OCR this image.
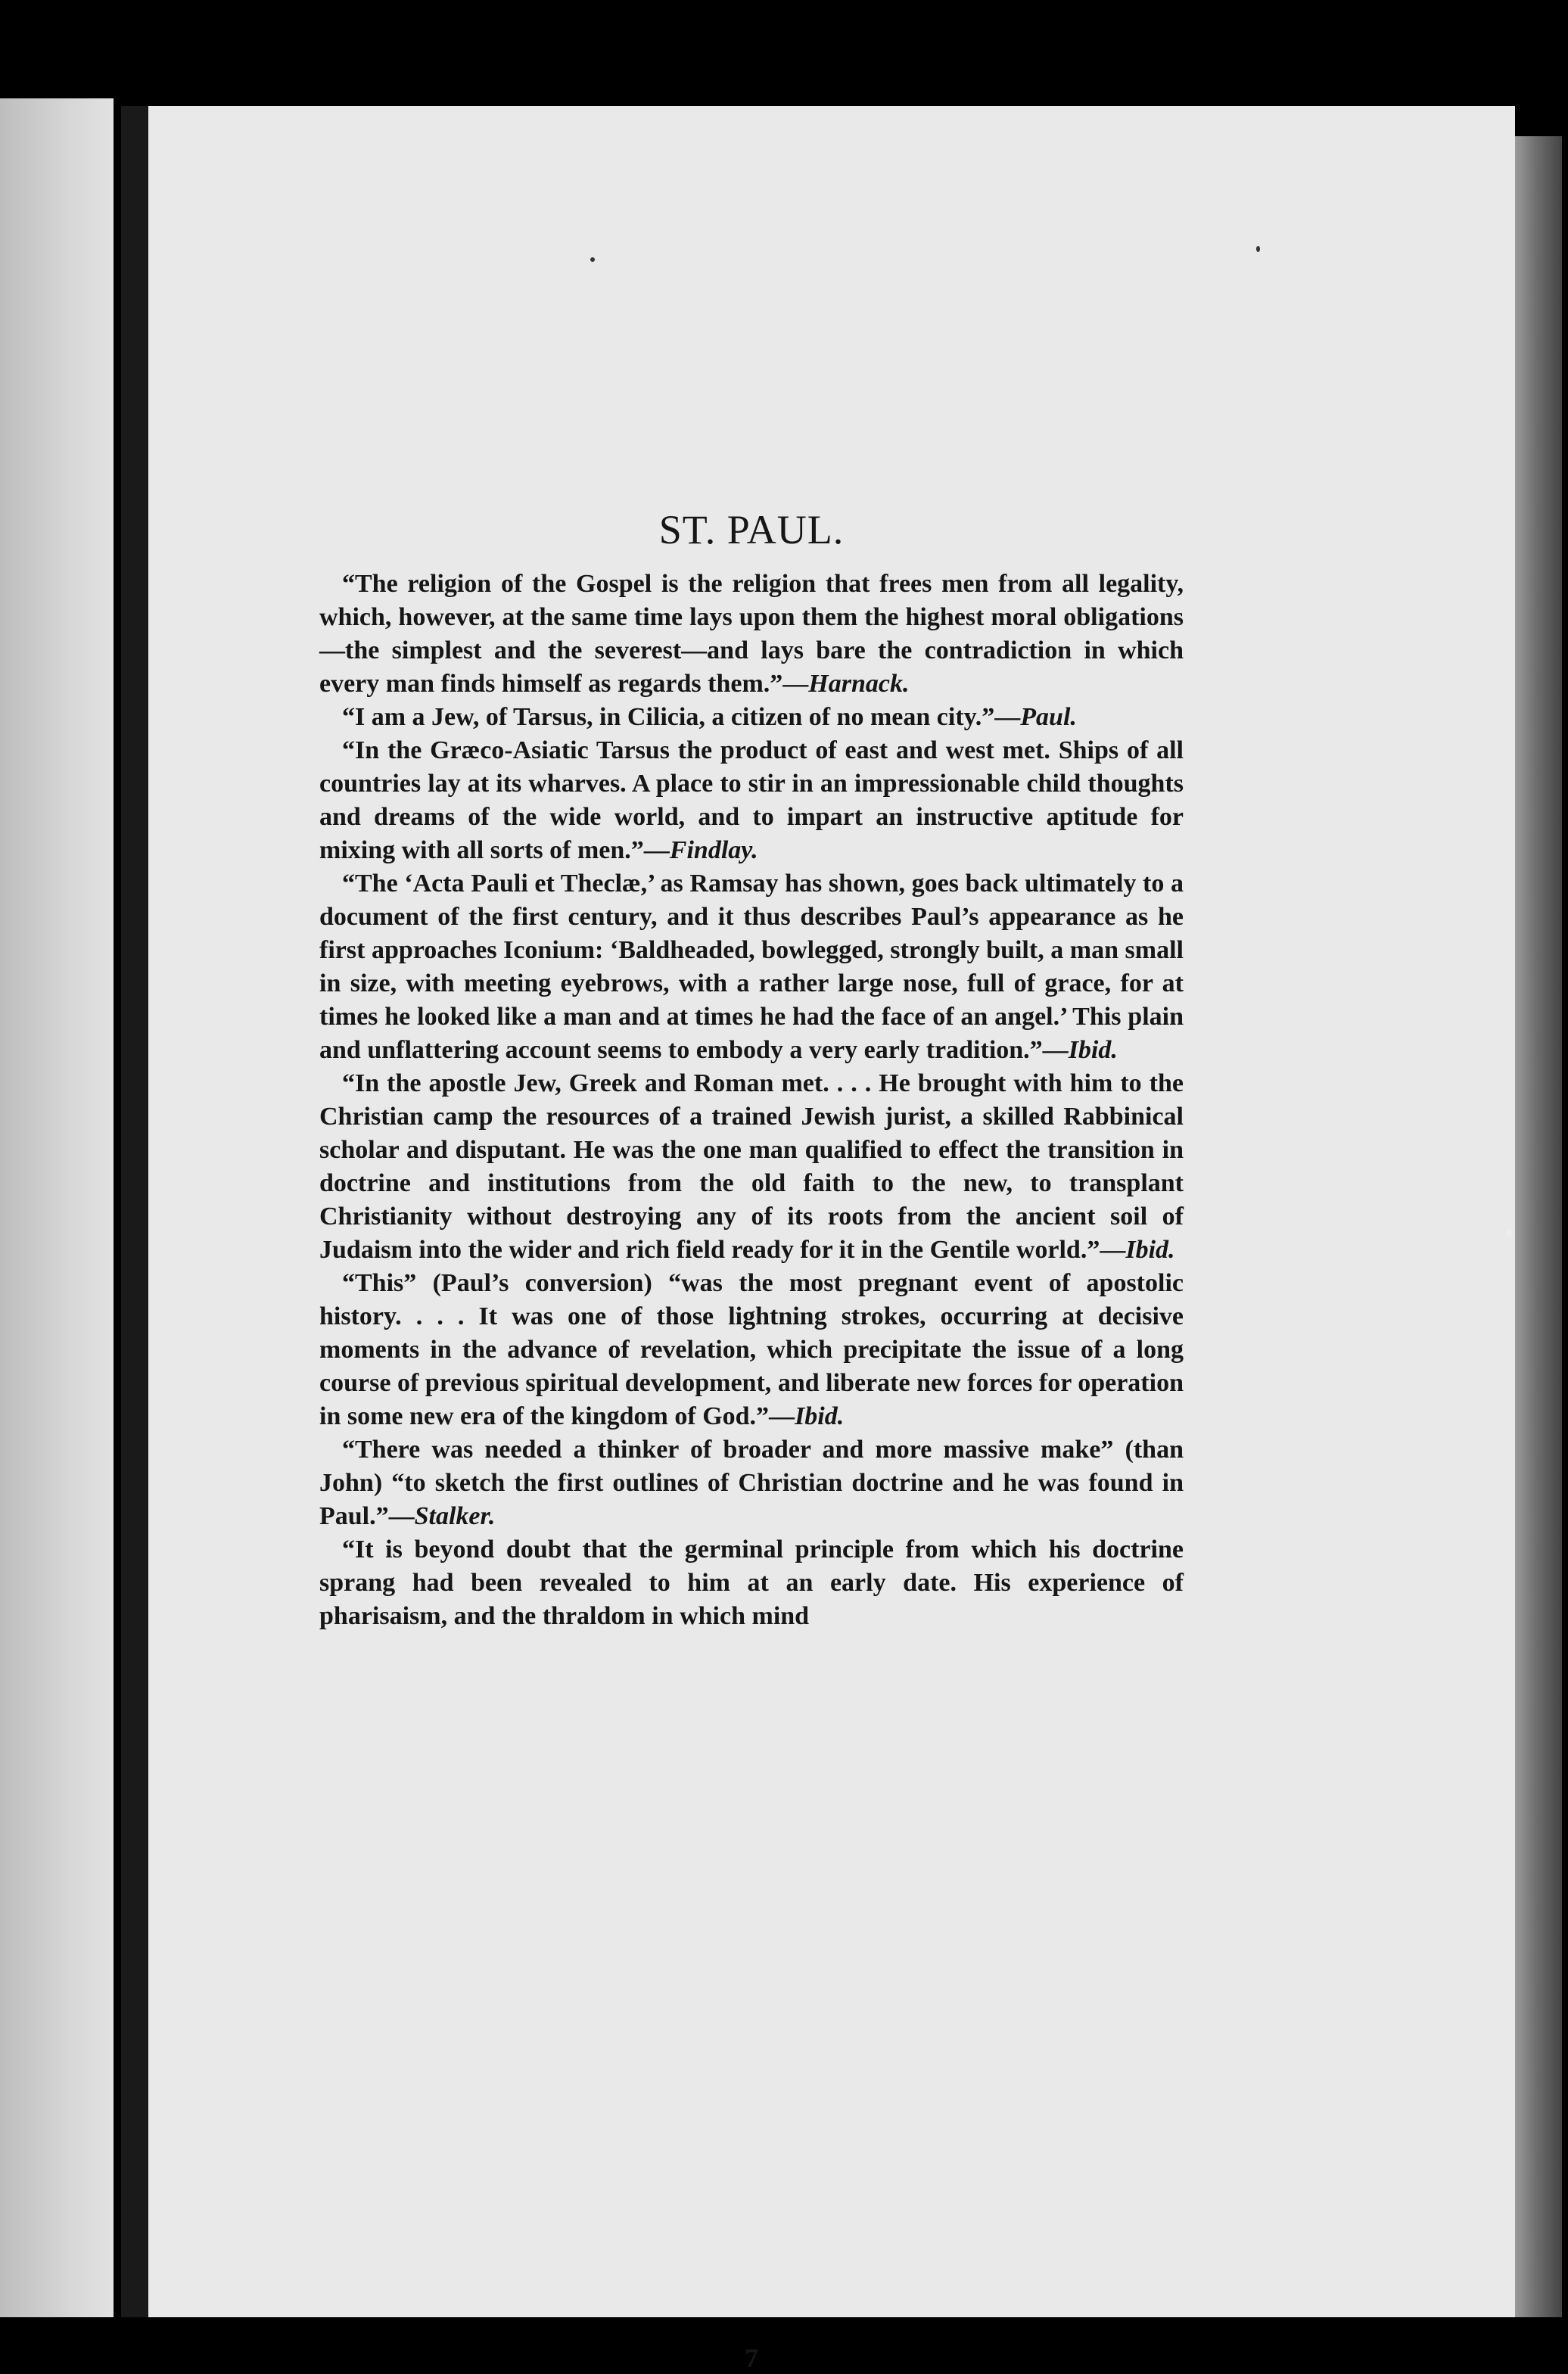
ST. PAUL.

“The religion of the Gospel is the religion that frees men from all legality, which, however, at the same time lays upon them the highest moral obligations—the simplest and the severest—and lays bare the contradiction in which every man finds himself as regards them.”—Harnack.

“I am a Jew, of Tarsus, in Cilicia, a citizen of no mean city.”—Paul.

“In the Græco-Asiatic Tarsus the product of east and west met. Ships of all countries lay at its wharves. A place to stir in an impressionable child thoughts and dreams of the wide world, and to impart an instructive aptitude for mixing with all sorts of men.”—Findlay.

“The ‘Acta Pauli et Theclæ,’ as Ramsay has shown, goes back ultimately to a document of the first century, and it thus describes Paul’s appearance as he first approaches Iconium: ‘Baldheaded, bowlegged, strongly built, a man small in size, with meeting eyebrows, with a rather large nose, full of grace, for at times he looked like a man and at times he had the face of an angel.’ This plain and unflattering account seems to embody a very early tradition.”—Ibid.

“In the apostle Jew, Greek and Roman met. . . . He brought with him to the Christian camp the resources of a trained Jewish jurist, a skilled Rabbinical scholar and disputant. He was the one man qualified to effect the transition in doctrine and institutions from the old faith to the new, to transplant Christianity without destroying any of its roots from the ancient soil of Judaism into the wider and rich field ready for it in the Gentile world.”—Ibid.

“This” (Paul’s conversion) “was the most pregnant event of apostolic history. . . . It was one of those lightning strokes, occurring at decisive moments in the advance of revelation, which precipitate the issue of a long course of previous spiritual development, and liberate new forces for operation in some new era of the kingdom of God.”—Ibid.

“There was needed a thinker of broader and more massive make” (than John) “to sketch the first outlines of Christian doctrine and he was found in Paul.”—Stalker.

“It is beyond doubt that the germinal principle from which his doctrine sprang had been revealed to him at an early date. His experience of pharisaism, and the thraldom in which mind

7
